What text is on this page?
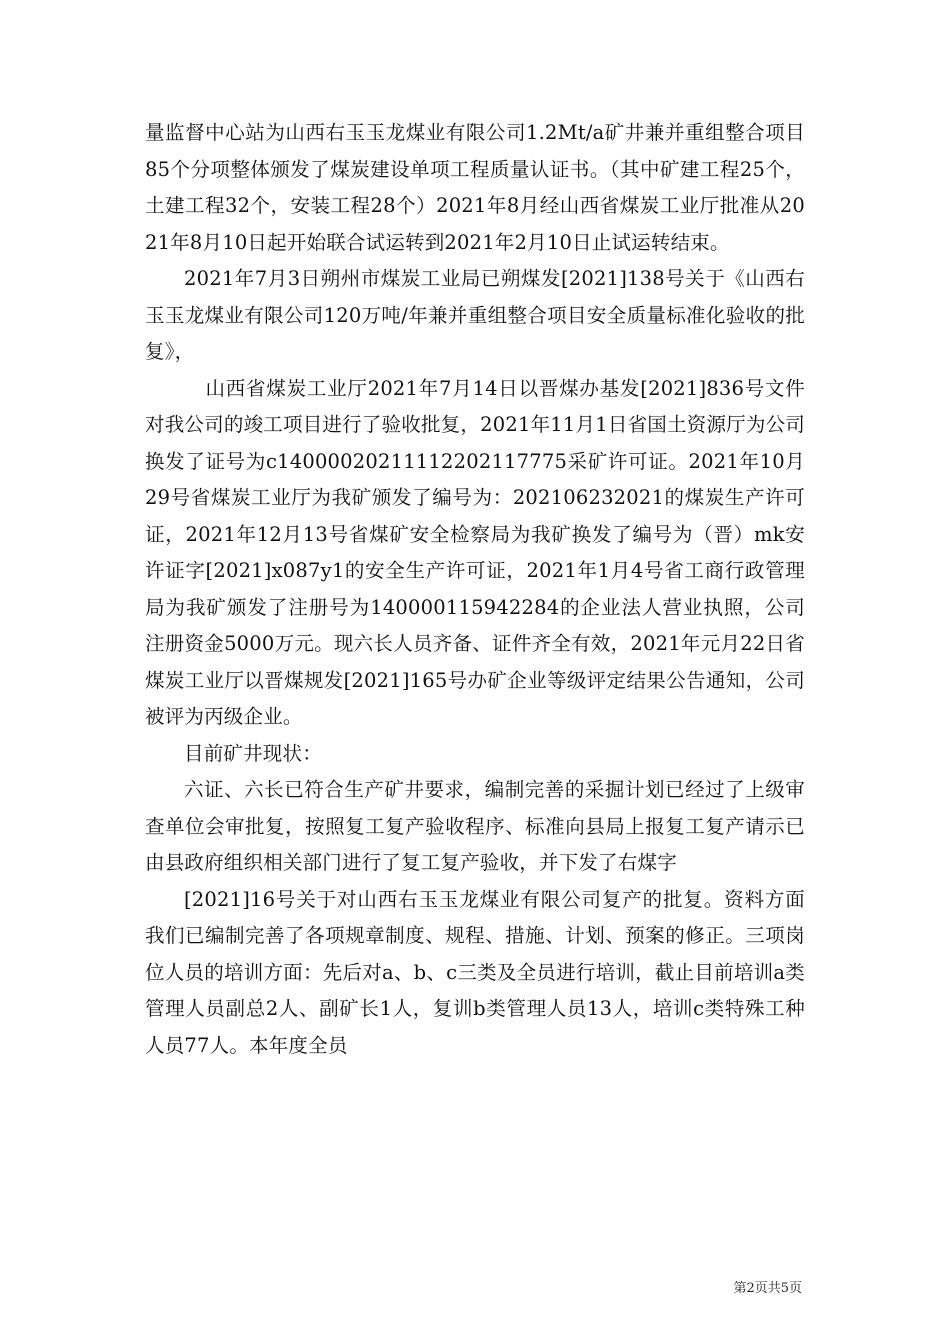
量监督中心站为山西右玉玉龙煤业有限公司1.2Mt/a矿井兼并重组整合项目85个分项整体颁发了煤炭建设单项工程质量认证书。（其中矿建工程25个，土建工程32个，安装工程28个）2021年8月经山西省煤炭工业厅批准从2021年8月10日起开始联合试运转到2021年2月10日止试运转结束。

2021年7月3日朔州市煤炭工业局已朔煤发[2021]138号关于《山西右玉玉龙煤业有限公司120万吨/年兼并重组整合项目安全质量标准化验收的批复》，

山西省煤炭工业厅2021年7月14日以晋煤办基发[2021]836号文件对我公司的竣工项目进行了验收批复，2021年11月1日省国土资源厅为公司换发了证号为c14000020211112202117775采矿许可证。2021年10月29号省煤炭工业厅为我矿颁发了编号为：202106232021的煤炭生产许可证，2021年12月13号省煤矿安全检察局为我矿换发了编号为（晋）mk安许证字[2021]x087y1的安全生产许可证，2021年1月4号省工商行政管理局为我矿颁发了注册号为140000115942284的企业法人营业执照，公司注册资金5000万元。现六长人员齐备、证件齐全有效，2021年元月22日省煤炭工业厅以晋煤规发[2021]165号办矿企业等级评定结果公告通知，公司被评为丙级企业。

目前矿井现状：

六证、六长已符合生产矿井要求，编制完善的采掘计划已经过了上级审查单位会审批复，按照复工复产验收程序、标准向县局上报复工复产请示已由县政府组织相关部门进行了复工复产验收，并下发了右煤字

[2021]16号关于对山西右玉玉龙煤业有限公司复产的批复。资料方面我们已编制完善了各项规章制度、规程、措施、计划、预案的修正。三项岗位人员的培训方面：先后对a、b、c三类及全员进行培训，截止目前培训a类管理人员副总2人、副矿长1人，复训b类管理人员13人，培训c类特殊工种人员77人。本年度全员

第2页共5页
